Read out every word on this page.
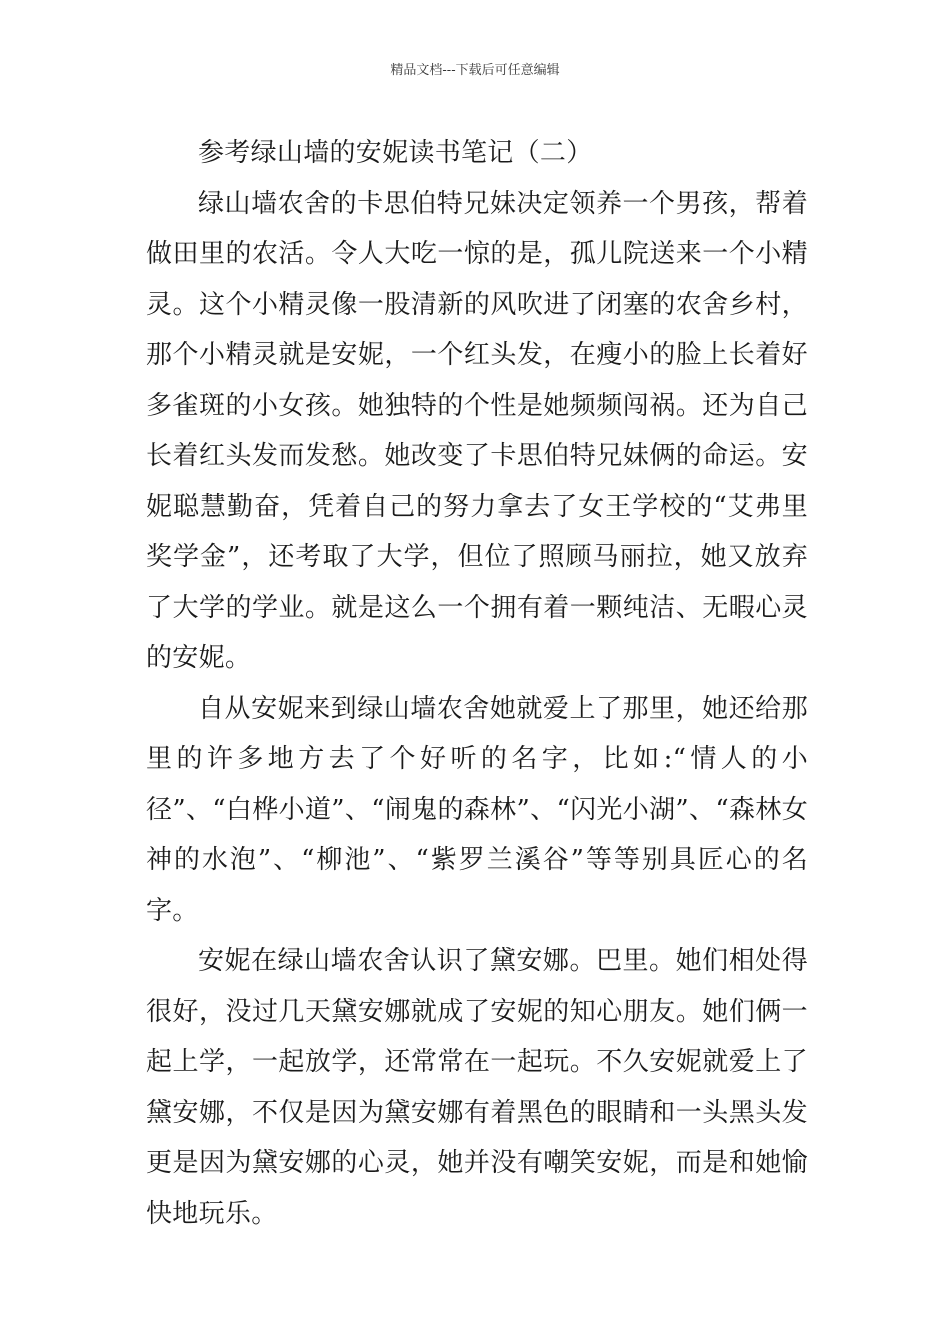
精品文档---下载后可任意编辑

参考绿山墙的安妮读书笔记（二）

绿山墙农舍的卡思伯特兄妹决定领养一个男孩，帮着做田里的农活。令人大吃一惊的是，孤儿院送来一个小精灵。这个小精灵像一股清新的风吹进了闭塞的农舍乡村，那个小精灵就是安妮，一个红头发，在瘦小的脸上长着好多雀斑的小女孩。她独特的个性是她频频闯祸。还为自己长着红头发而发愁。她改变了卡思伯特兄妹俩的命运。安妮聪慧勤奋，凭着自己的努力拿去了女王学校的“艾弗里奖学金”，还考取了大学，但位了照顾马丽拉，她又放弃了大学的学业。就是这么一个拥有着一颗纯洁、无暇心灵的安妮。

自从安妮来到绿山墙农舍她就爱上了那里，她还给那里的许多地方去了个好听的名字，比如:“情人的小径”、“白桦小道”、“闹鬼的森林”、“闪光小湖”、“森林女神的水泡”、“柳池”、“紫罗兰溪谷”等等别具匠心的名字。

安妮在绿山墙农舍认识了黛安娜。巴里。她们相处得很好，没过几天黛安娜就成了安妮的知心朋友。她们俩一起上学，一起放学，还常常在一起玩。不久安妮就爱上了黛安娜，不仅是因为黛安娜有着黑色的眼睛和一头黑头发更是因为黛安娜的心灵，她并没有嘲笑安妮，而是和她愉快地玩乐。
